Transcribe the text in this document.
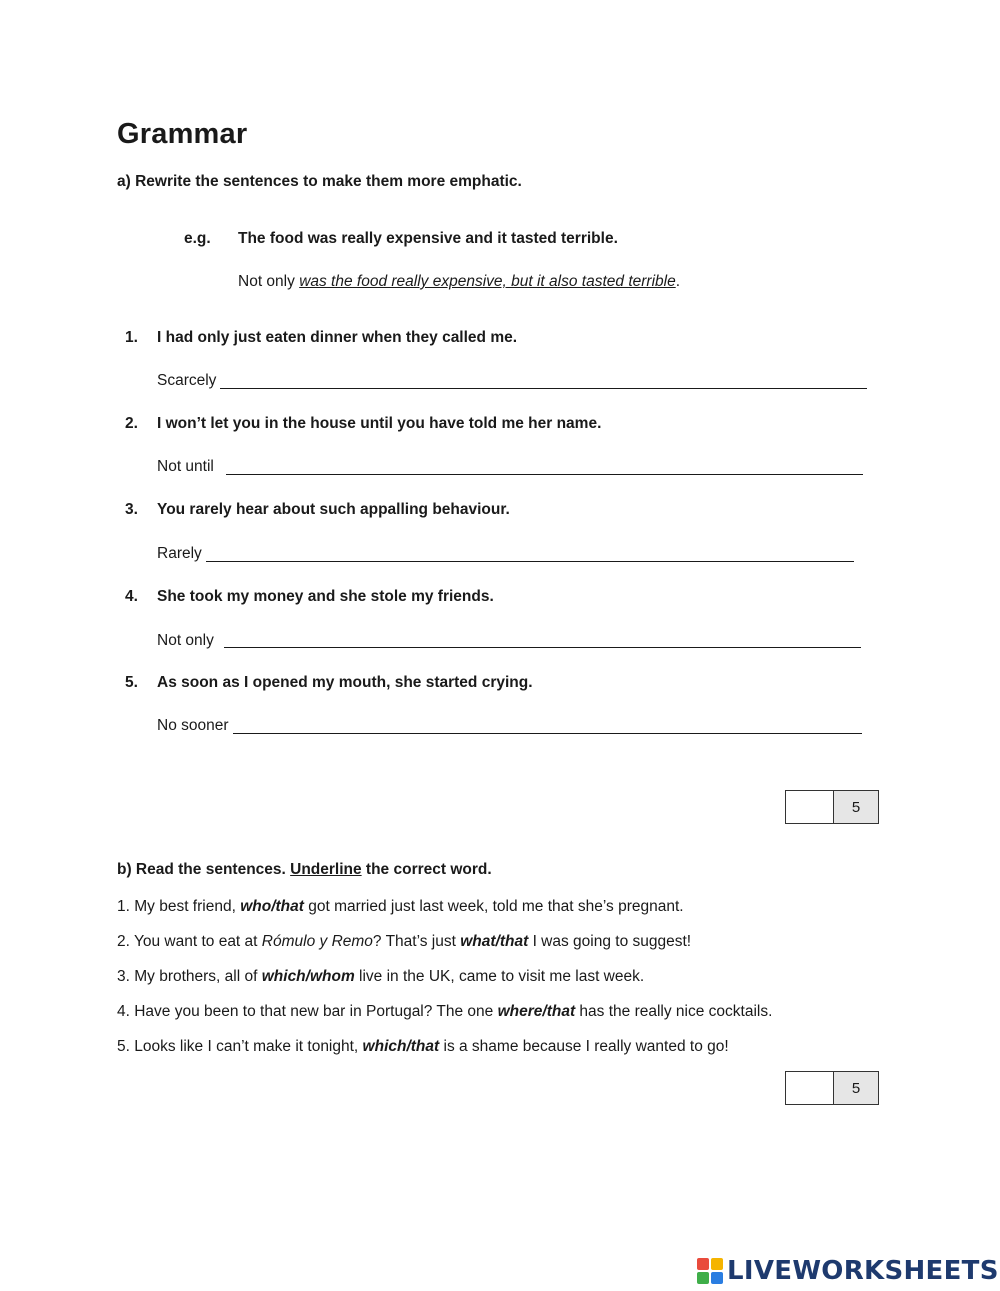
Grammar
a) Rewrite the sentences to make them more emphatic.
e.g. The food was really expensive and it tasted terrible.
Not only was the food really expensive, but it also tasted terrible.
1. I had only just eaten dinner when they called me.
Scarcely
2. I won’t let you in the house until you have told me her name.
Not until
3. You rarely hear about such appalling behaviour.
Rarely
4. She took my money and she stole my friends.
Not only
5. As soon as I opened my mouth, she started crying.
No sooner
5
b) Read the sentences. Underline the correct word.
1. My best friend, who/that got married just last week, told me that she’s pregnant.
2. You want to eat at Rómulo y Remo? That’s just what/that I was going to suggest!
3. My brothers, all of which/whom live in the UK, came to visit me last week.
4. Have you been to that new bar in Portugal? The one where/that has the really nice cocktails.
5. Looks like I can’t make it tonight, which/that is a shame because I really wanted to go!
5
LIVEWORKSHEETS
